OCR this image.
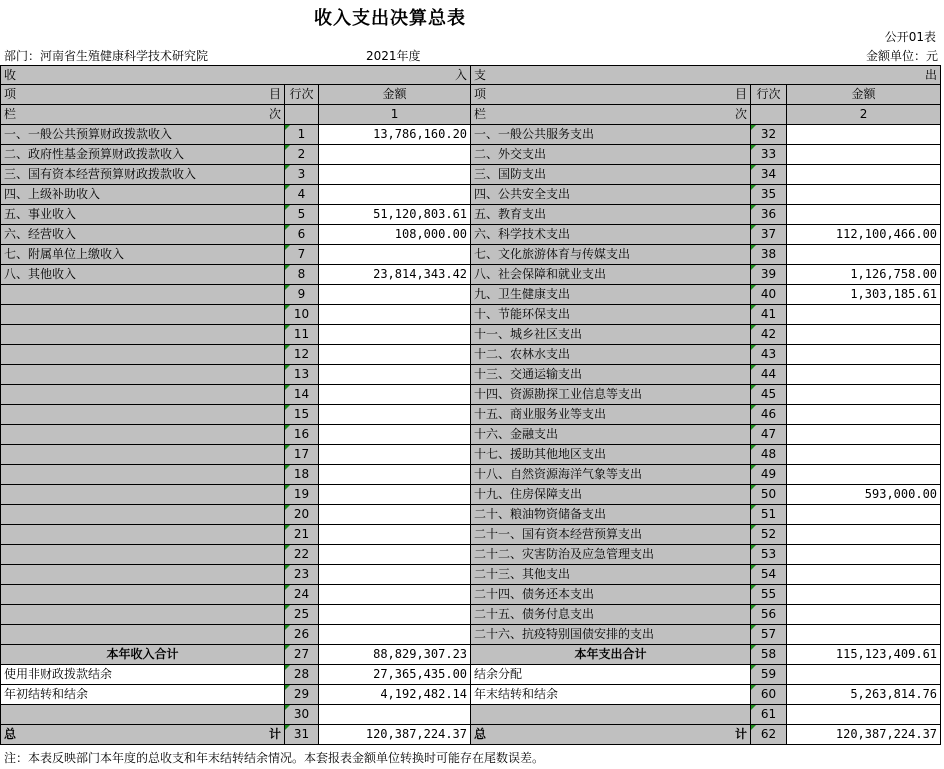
收入支出决算总表
公开01表
部门：河南省生殖健康科学技术研究院	2021年度	金额单位：元
收 入			支 出		

项 目	行次	金额	项 目	行次	金额

栏 次		1	栏 次		2
一、一般公共预算财政拨款收入	1	13,786,160.20	一、一般公共服务支出	32	
二、政府性基金预算财政拨款收入	2		二、外交支出	33	
三、国有资本经营预算财政拨款收入	3		三、国防支出	34	
四、上级补助收入	4		四、公共安全支出	35	
五、事业收入	5	51,120,803.61	五、教育支出	36	
六、经营收入	6	108,000.00	六、科学技术支出	37	112,100,466.00
七、附属单位上缴收入	7		七、文化旅游体育与传媒支出	38	
八、其他收入	8	23,814,343.42	八、社会保障和就业支出	39	1,126,758.00
	9		九、卫生健康支出	40	1,303,185.61
	10		十、节能环保支出	41	
	11		十一、城乡社区支出	42	
	12		十二、农林水支出	43	
	13		十三、交通运输支出	44	
	14		十四、资源勘探工业信息等支出	45	
	15		十五、商业服务业等支出	46	
	16		十六、金融支出	47	
	17		十七、援助其他地区支出	48	
	18		十八、自然资源海洋气象等支出	49	
	19		十九、住房保障支出	50	593,000.00
	20		二十、粮油物资储备支出	51	
	21		二十一、国有资本经营预算支出	52	
	22		二十二、灾害防治及应急管理支出	53	
	23		二十三、其他支出	54	
	24		二十四、债务还本支出	55	
	25		二十五、债务付息支出	56	
	26		二十六、抗疫特别国债安排的支出	57	
本年收入合计	27	88,829,307.23	本年支出合计	58	115,123,409.61
使用非财政拨款结余	28	27,365,435.00	结余分配	59	
年初结转和结余	29	4,192,482.14	年末结转和结余	60	5,263,814.76
	30			61	

总 计	31	120,387,224.37	总 计	62	120,387,224.37
注：本表反映部门本年度的总收支和年末结转结余情况。本套报表金额单位转换时可能存在尾数误差。
